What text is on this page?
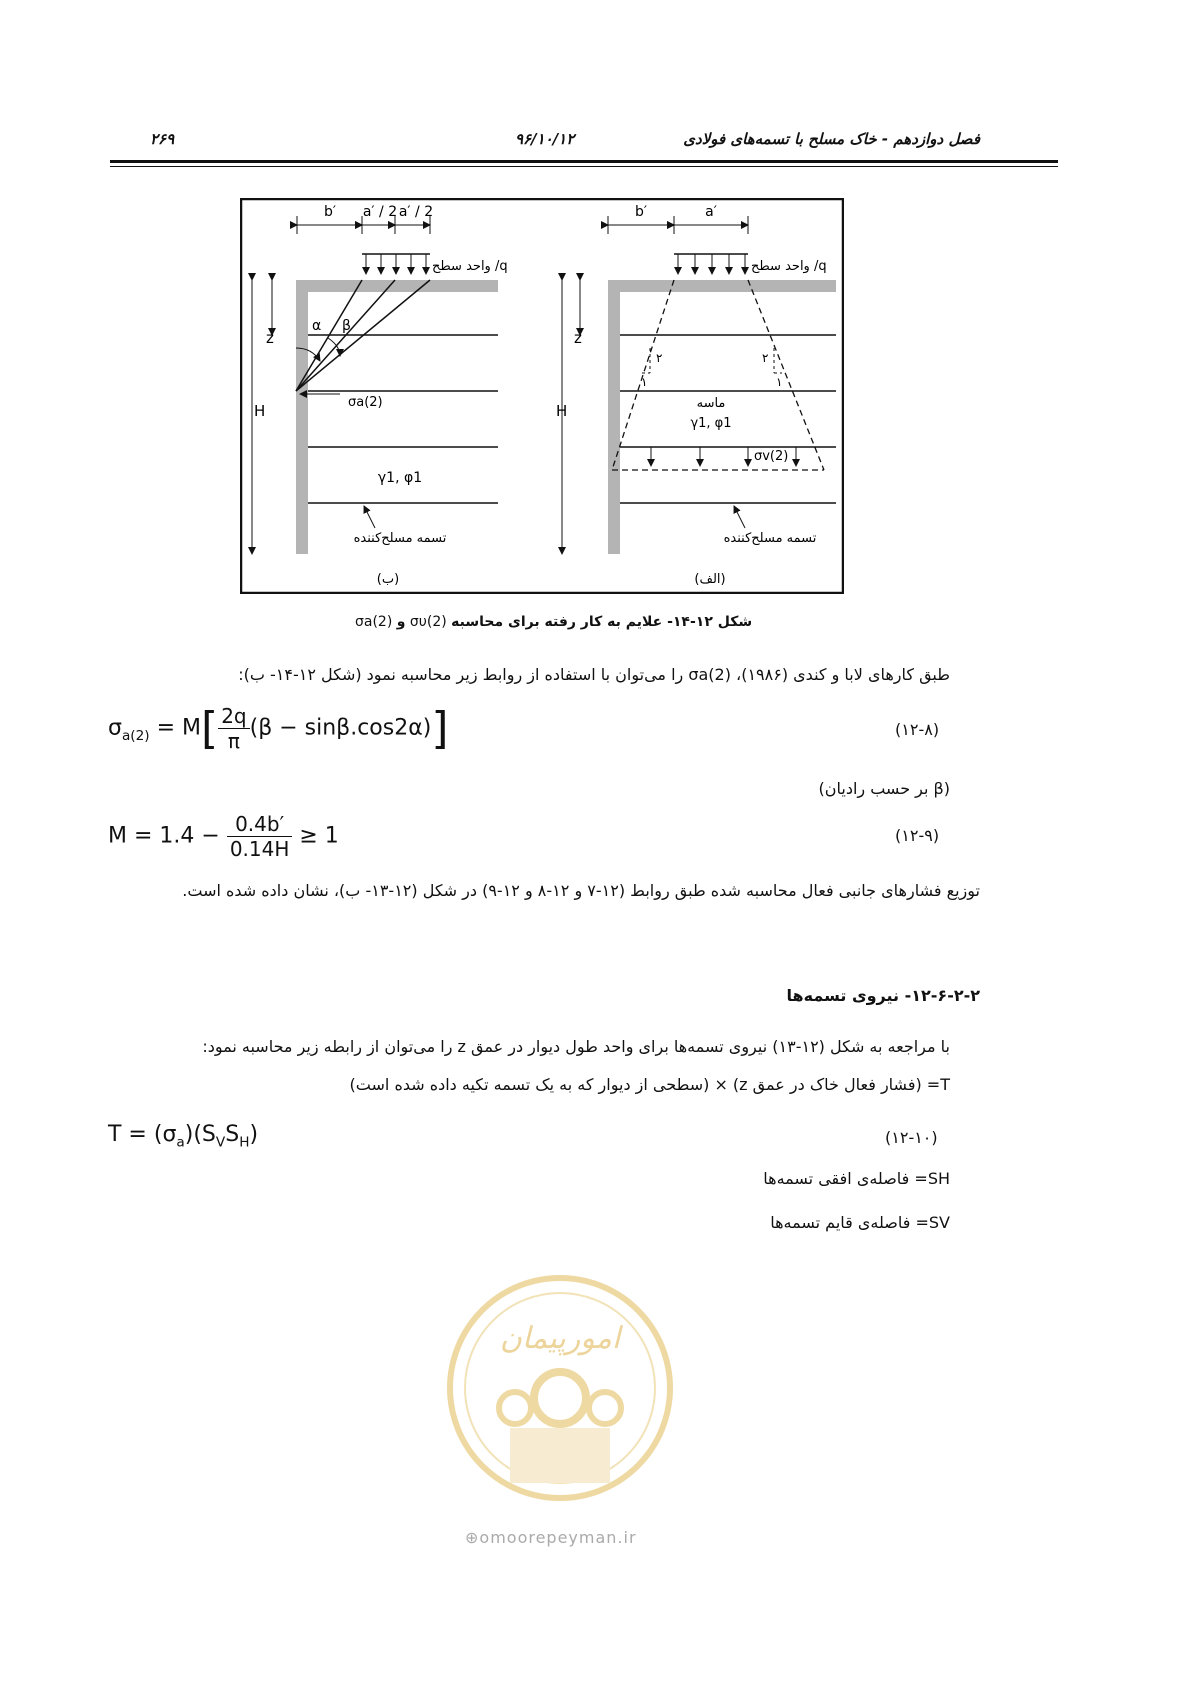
۲۶۹	۹۶/۱۰/۱۲	فصل دوازدهم - خاک مسلح با تسمه‌های فولادی
b′ a′ / 2 a′ / 2
واحد سطح /q
α β
σa(2)
H
z
γ1, φ1
تسمه مسلح‌کننده
(ب)
b′	a′
واحد سطح /q
۲
۱
۲
۱
ماسه
γ1, φ1
σv(2)
H
z
تسمه مسلح‌کننده
(الف)
σa(2) و συ(2) شکل ۱۲-۱۴- علایم به کار رفته برای محاسبه
طبق کارهای لابا و کندی (۱۹۸۶)، σa(2) را می‌توان با استفاده از روابط زیر محاسبه نمود (شکل ۱۲-۱۴- ب):
$\sigma_{a(2)} = M[ \frac{2q}{\pi} (\beta - \sin\beta.\cos 2\alpha)]$	(۱۲-۸)
(β بر حسب رادیان)
$M = 1.4 - \frac{0.4b'}{0.14H} \ge 1$	(۱۲-۹)
توزیع فشارهای جانبی فعال محاسبه شده طبق روابط (۱۲-۷ و ۱۲-۸ و ۱۲-۹) در شکل (۱۲-۱۳- ب)، نشان داده شده است.
۱۲-۶-۲-۲- نیروی تسمه‌ها
با مراجعه به شکل (۱۲-۱۳) نیروی تسمه‌ها برای واحد طول دیوار در عمق z را می‌توان از رابطه زیر محاسبه نمود:
T= (فشار فعال خاک در عمق z) × (سطحی از دیوار که به یک تسمه تکیه داده شده است)
$T = (\sigma_a)(S_VS_H)$	(۱۲-۱۰)
SH= فاصله‌ی افقی تسمه‌ها
SV= فاصله‌ی قایم تسمه‌ها
امورپیمان
⊕omoorepeyman.ir
